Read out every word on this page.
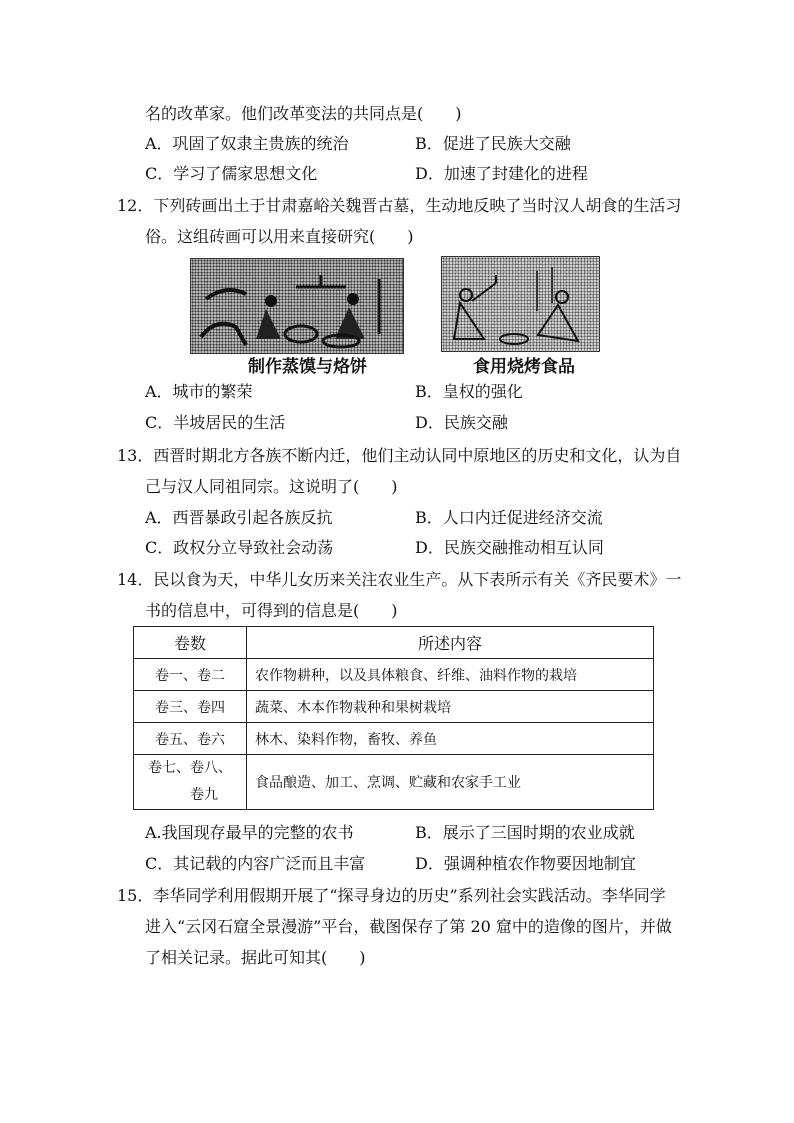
名的改革家。他们改革变法的共同点是(　　)
A．巩固了奴隶主贵族的统治	B．促进了民族大交融
C．学习了儒家思想文化	D．加速了封建化的进程
12．下列砖画出土于甘肃嘉峪关魏晋古墓，生动地反映了当时汉人胡食的生活习
俗。这组砖画可以用来直接研究(　　)
制作蒸馍与烙饼	食用烧烤食品
A．城市的繁荣	B．皇权的强化
C．半坡居民的生活	D．民族交融
13．西晋时期北方各族不断内迁，他们主动认同中原地区的历史和文化，认为自
己与汉人同祖同宗。这说明了(　　)
A．西晋暴政引起各族反抗	B．人口内迁促进经济交流
C．政权分立导致社会动荡	D．民族交融推动相互认同
14．民以食为天，中华儿女历来关注农业生产。从下表所示有关《齐民要术》一
书的信息中，可得到的信息是(　　)
卷数	所述内容
卷一、卷二	农作物耕种，以及具体粮食、纤维、油料作物的栽培
卷三、卷四	蔬菜、木本作物栽种和果树栽培
卷五、卷六	林木、染料作物，畜牧、养鱼

卷七、卷八、
卷九	食品酿造、加工、烹调、贮藏和农家手工业
A.我国现存最早的完整的农书	B．展示了三国时期的农业成就
C．其记载的内容广泛而且丰富	D．强调种植农作物要因地制宜
15．李华同学利用假期开展了“探寻身边的历史”系列社会实践活动。李华同学
进入“云冈石窟全景漫游”平台，截图保存了第 20 窟中的造像的图片，并做
了相关记录。据此可知其(　　)
